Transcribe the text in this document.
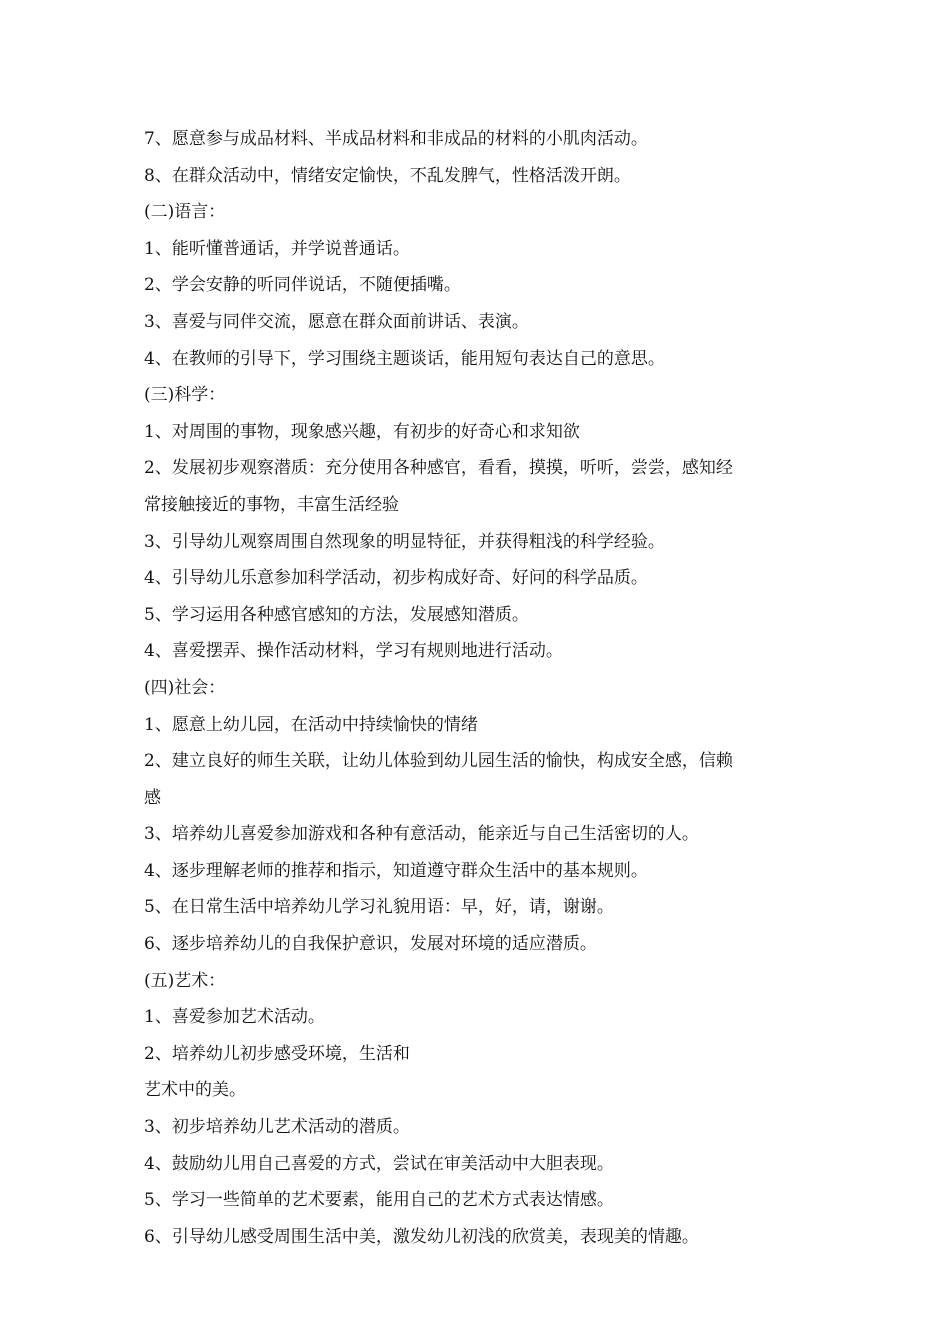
7、愿意参与成品材料、半成品材料和非成品的材料的小肌肉活动。
8、在群众活动中，情绪安定愉快，不乱发脾气，性格活泼开朗。
(二)语言：
1、能听懂普通话，并学说普通话。
2、学会安静的听同伴说话，不随便插嘴。
3、喜爱与同伴交流，愿意在群众面前讲话、表演。
4、在教师的引导下，学习围绕主题谈话，能用短句表达自己的意思。
(三)科学：
1、对周围的事物，现象感兴趣，有初步的好奇心和求知欲
2、发展初步观察潜质：充分使用各种感官，看看，摸摸，听听，尝尝，感知经
常接触接近的事物，丰富生活经验
3、引导幼儿观察周围自然现象的明显特征，并获得粗浅的科学经验。
4、引导幼儿乐意参加科学活动，初步构成好奇、好问的科学品质。
5、学习运用各种感官感知的方法，发展感知潜质。
4、喜爱摆弄、操作活动材料，学习有规则地进行活动。
(四)社会：
1、愿意上幼儿园，在活动中持续愉快的情绪
2、建立良好的师生关联，让幼儿体验到幼儿园生活的愉快，构成安全感，信赖
感
3、培养幼儿喜爱参加游戏和各种有意活动，能亲近与自己生活密切的人。
4、逐步理解老师的推荐和指示，知道遵守群众生活中的基本规则。
5、在日常生活中培养幼儿学习礼貌用语：早，好，请，谢谢。
6、逐步培养幼儿的自我保护意识，发展对环境的适应潜质。
(五)艺术：
1、喜爱参加艺术活动。
2、培养幼儿初步感受环境，生活和
艺术中的美。
3、初步培养幼儿艺术活动的潜质。
4、鼓励幼儿用自己喜爱的方式，尝试在审美活动中大胆表现。
5、学习一些简单的艺术要素，能用自己的艺术方式表达情感。
6、引导幼儿感受周围生活中美，激发幼儿初浅的欣赏美，表现美的情趣。
